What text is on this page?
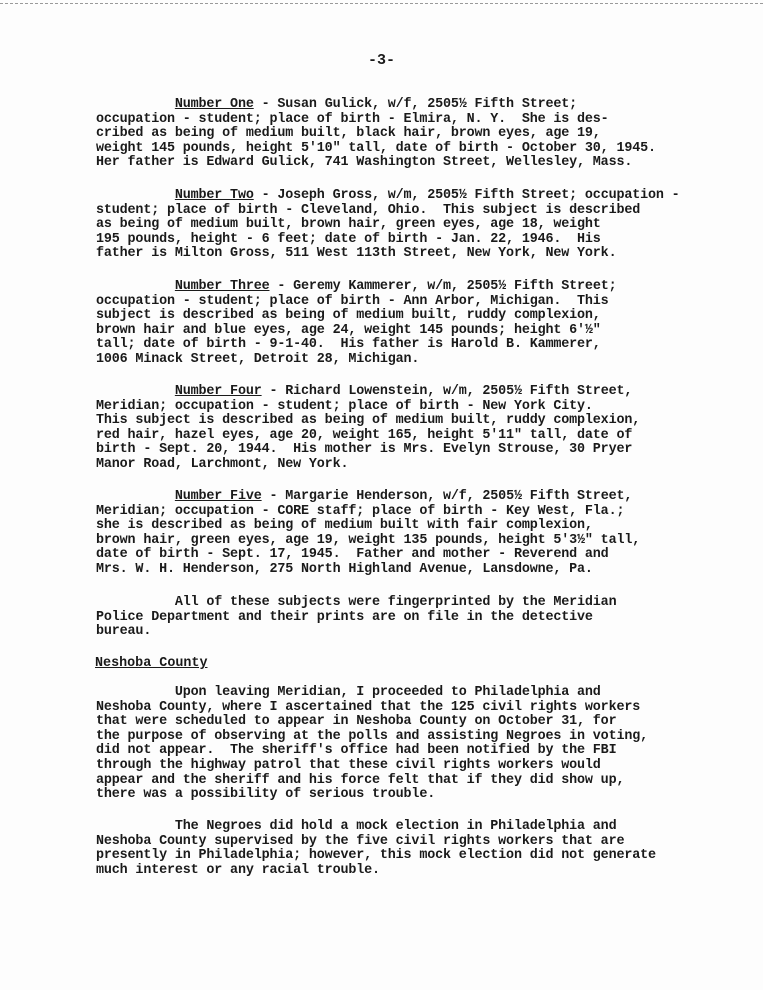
-3-
Number One - Susan Gulick, w/f, 2505½ Fifth Street;
occupation - student; place of birth - Elmira, N. Y.  She is des-
cribed as being of medium built, black hair, brown eyes, age 19,
weight 145 pounds, height 5'10" tall, date of birth - October 30, 1945.
Her father is Edward Gulick, 741 Washington Street, Wellesley, Mass.
Number Two - Joseph Gross, w/m, 2505½ Fifth Street; occupation -
student; place of birth - Cleveland, Ohio.  This subject is described
as being of medium built, brown hair, green eyes, age 18, weight
195 pounds, height - 6 feet; date of birth - Jan. 22, 1946.  His
father is Milton Gross, 511 West 113th Street, New York, New York.
Number Three - Geremy Kammerer, w/m, 2505½ Fifth Street;
occupation - student; place of birth - Ann Arbor, Michigan.  This
subject is described as being of medium built, ruddy complexion,
brown hair and blue eyes, age 24, weight 145 pounds; height 6'½"
tall; date of birth - 9-1-40.  His father is Harold B. Kammerer,
1006 Minack Street, Detroit 28, Michigan.
Number Four - Richard Lowenstein, w/m, 2505½ Fifth Street,
Meridian; occupation - student; place of birth - New York City.
This subject is described as being of medium built, ruddy complexion,
red hair, hazel eyes, age 20, weight 165, height 5'11" tall, date of
birth - Sept. 20, 1944.  His mother is Mrs. Evelyn Strouse, 30 Pryer
Manor Road, Larchmont, New York.
Number Five - Margarie Henderson, w/f, 2505½ Fifth Street,
Meridian; occupation - CORE staff; place of birth - Key West, Fla.;
she is described as being of medium built with fair complexion,
brown hair, green eyes, age 19, weight 135 pounds, height 5'3½" tall,
date of birth - Sept. 17, 1945.  Father and mother - Reverend and
Mrs. W. H. Henderson, 275 North Highland Avenue, Lansdowne, Pa.
All of these subjects were fingerprinted by the Meridian
Police Department and their prints are on file in the detective
bureau.
Neshoba County
Upon leaving Meridian, I proceeded to Philadelphia and
Neshoba County, where I ascertained that the 125 civil rights workers
that were scheduled to appear in Neshoba County on October 31, for
the purpose of observing at the polls and assisting Negroes in voting,
did not appear.  The sheriff's office had been notified by the FBI
through the highway patrol that these civil rights workers would
appear and the sheriff and his force felt that if they did show up,
there was a possibility of serious trouble.
The Negroes did hold a mock election in Philadelphia and
Neshoba County supervised by the five civil rights workers that are
presently in Philadelphia; however, this mock election did not generate
much interest or any racial trouble.
